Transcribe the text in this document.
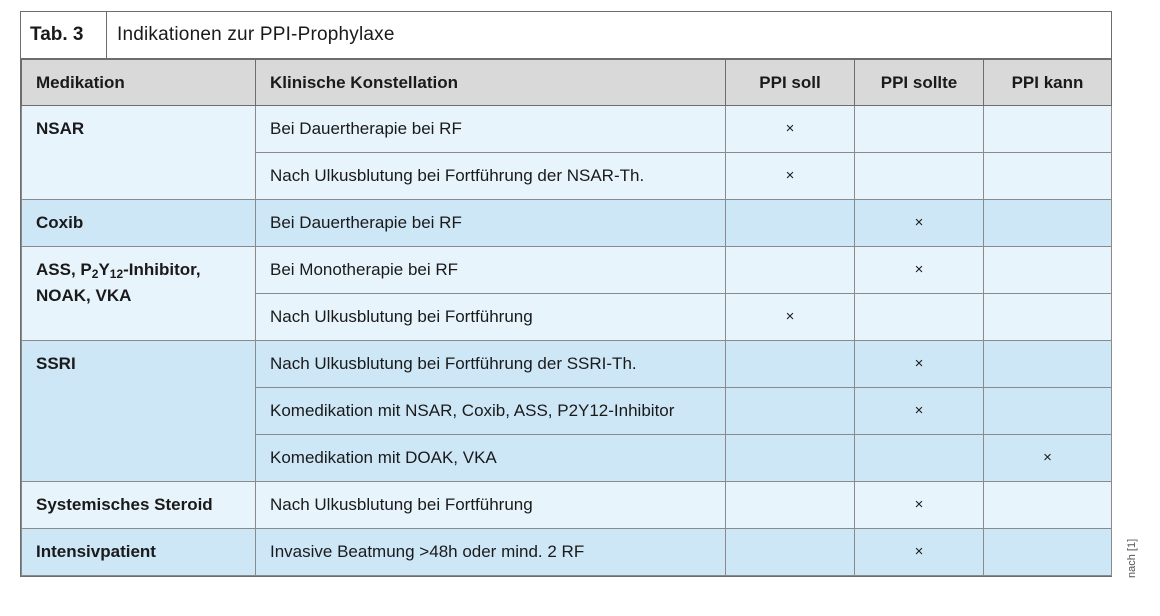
Tab. 3	Indikationen zur PPI-Prophylaxe
Medikation	Klinische Konstellation	PPI soll	PPI sollte	PPI kann
NSAR	Bei Dauertherapie bei RF	×		
	Nach Ulkusblutung bei Fortführung der NSAR-Th.	×		
Coxib	Bei Dauertherapie bei RF		×	
ASS, $P_2Y_{12}$-Inhibitor,
NOAK, VKA	Bei Monotherapie bei RF		×	
	Nach Ulkusblutung bei Fortführung	×		
SSRI	Nach Ulkusblutung bei Fortführung der SSRI-Th.		×	
	Komedikation mit NSAR, Coxib, ASS, P2Y12-Inhibitor		×	
	Komedikation mit DOAK, VKA			×
Systemisches Steroid	Nach Ulkusblutung bei Fortführung		×	
Intensivpatient	Invasive Beatmung >48h oder mind. 2 RF		×		nach [1]
